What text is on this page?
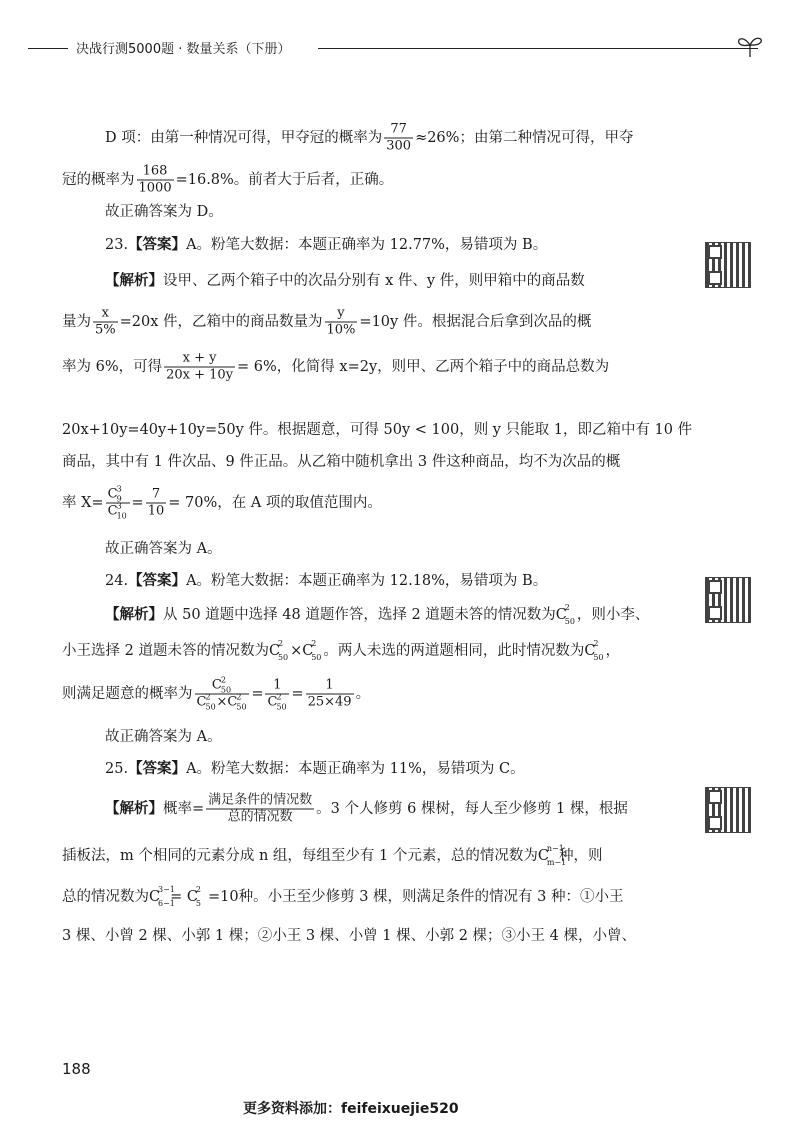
决战行测5000题 · 数量关系（下册）
D 项：由第一种情况可得，甲夺冠的概率为 $\frac{77}{300} \approx 26\%$；由第二种情况可得，甲夺
冠的概率为 $\frac{168}{1000} =16.8\%$。前者大于后者，正确。
故正确答案为 D。
23.【答案】A。粉笔大数据：本题正确率为 12.77%，易错项为 B。
【解析】设甲、乙两个箱子中的次品分别有 x 件、y 件，则甲箱中的商品数
量为 $\frac{x}{5\%} =20x$ 件，乙箱中的商品数量为 $\frac{y}{10\%} =10y$ 件。根据混合后拿到次品的概
率为 6%，可得 $\frac{x + y}{20x + 10y} = 6\%$，化简得 x=2y，则甲、乙两个箱子中的商品总数为
20x+10y=40y+10y=50y 件。根据题意，可得 50y < 100，则 y 只能取 1，即乙箱中有 10 件
商品，其中有 1 件次品、9 件正品。从乙箱中随机拿出 3 件这种商品，均不为次品的概
率 X= C 3
9
C 3
$10 = \frac{7}{10} = 70\%$，在 A 项的取值范围内。
故正确答案为 A。
24.【答案】A。粉笔大数据：本题正确率为 12.18%，易错项为 B。
【解析】从 50 道题中选择 48 道题作答，选择 2 道题未答的情况数为C
2
50 ，则小李、
小王选择 2 道题未答的情况数为C
2
50 ×C
2
50 。两人未选的两道题相同，此时情况数为C
2
50 ，
则满足题意的概率为 C 2
50
C 2
50 ×C 2
50 = 1
C 2
$50 = \frac{1}{25\times 49}$ 。
故正确答案为 A。
25.【答案】A。粉笔大数据：本题正确率为 11%，易错项为 C。
【解析】概率= $\frac{\text{满足条件的情况数}}{\text{总的情况数}}$ 。3 个人修剪 6 棵树，每人至少修剪 1 棵，根据
插板法，m 个相同的元素分成 n 组，每组至少有 1 个元素，总的情况数为C
n−1
m−1
种，则
总的情况数为C
3−1
6−1
= C
2
5 =10种。小王至少修剪 3 棵，则满足条件的情况有 3 种：①小王
3 棵、小曾 2 棵、小郭 1 棵；②小王 3 棵、小曾 1 棵、小郭 2 棵；③小王 4 棵，小曾、
188
更多资料添加：feifeixuejie520
